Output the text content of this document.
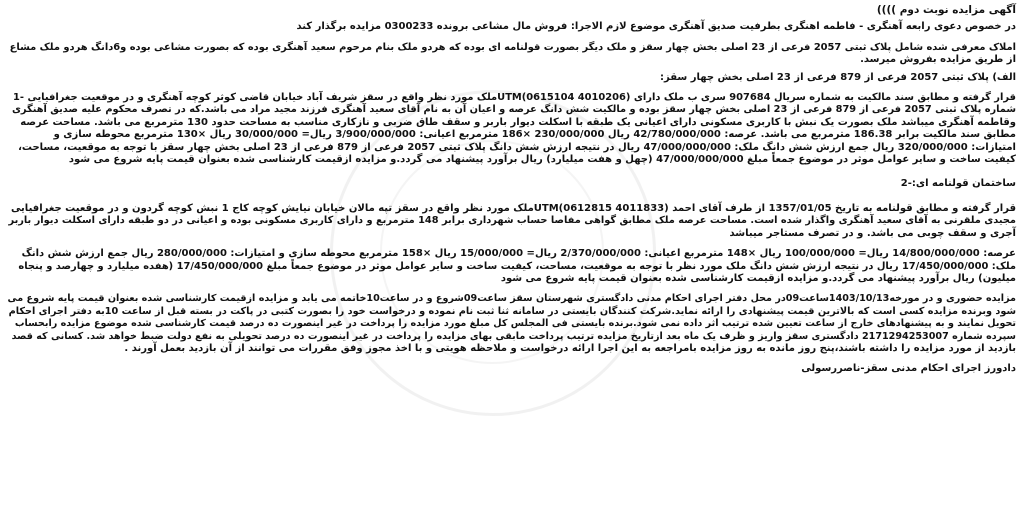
آگهی مزایده نوبت دوم ))))

در خصوص دعوی رابعه آهنگری - فاطمه اهنگری بطرفیت صدیق آهنگری موضوع لازم الاجرا: فروش مال مشاعی برونده 0300233 مزایده برگذار کند

املاک معرفی شده شامل پلاک ثبتی 2057 فرعی از 23 اصلی بخش چهار سقز و ملک دیگر بصورت قولنامه ای بوده که هردو ملک بنام مرحوم سعید آهنگری بوده که بصورت مشاعی بوده و6دانگ هردو ملک مشاع

از طریق مزایده بفروش میرسد.

الف) پلاک ثبتی 2057 فرعی از 879 فرعی از 23 اصلی بخش چهار سقز:

قرار گرفته و مطابق سند مالکیت به شماره سریال 907684 سری ب ملک دارای UTM(0615104 4010206)ملک مورد نظر واقع در سقز شریف آباد خیابان قاضی کوثر کوچه آهنگری و در موقعیت جغرافیایی -1

شماره پلاک ثبتی 2057 فرعی از 879 فرعی از 23 اصلی بخش چهار سقز بوده و مالکیت شش دانگ عرصه و اعیان آن به نام آقای سعید آهنگری فرزند مجید مراد می باشد.که در تصرف محکوم علیه صدیق آهنگری

وقاطمه آهنگری میباشد ملک بصورت یک نبش با کاربری مسکونی دارای اعیانی یک طبقه با اسکلت دیوار باربر و سقف طاق ضربی و نازکاری مناسب به مساحت حدود 130 مترمربع می باشد. مساحت عرصه

مطابق سند مالکیت برابر 186.38 مترمربع می باشد. عرصه: 42/780/000/000 ریال 230/000/000 ×186 مترمربع اعیانی: 3/900/000/000 ریال= 30/000/000 ریال ×130 مترمربع محوطه سازی و

امتیازات: 320/000/000 ریال جمع ارزش شش دانگ ملک: 47/000/000/000 ریال در نتیجه ارزش شش دانگ پلاک ثبتی 2057 فرعی از 879 فرعی از 23 اصلی بخش چهار سقز با توجه به موقعیت، مساحت،

کیفیت ساخت و سایر عوامل موثر در موضوع جمعاً مبلغ 47/000/000/000 (چهل و هفت میلیارد) ریال برآورد پیشنهاد می گردد.و مزایده ازقیمت کارشناسی شده بعنوان قیمت پایه شروع می شود

ساختمان قولنامه ای:-2

قرار گرفته و مطابق قولنامه به تاریخ 1357/01/05 از طرف آقای احمد UTM(0612815 4011833)ملک مورد نظر واقع در سقز تپه مالان خیابان نیایش کوچه کاج 1 نبش کوچه گردون و در موقعیت جغرافیایی

مجیدی ملقرنی به آقای سعید آهنگری واگذار شده است. مساحت عرصه ملک مطابق گواهی مفاصا حساب شهرداری برابر 148 مترمربع و دارای کاربری مسکونی بوده و اعیانی در دو طبقه دارای اسکلت دیوار باربر

آجری و سقف چوبی می باشد. و در تصرف مستاجر میباشد

عرصه: 14/800/000/000 ریال= 100/000/000 ریال ×148 مترمربع اعیانی: 2/370/000/000 ریال= 15/000/000 ریال ×158 مترمربع محوطه سازی و امتیازات: 280/000/000 ریال جمع ارزش شش دانگ

ملک: 17/450/000/000 ریال در نتیجه ارزش شش دانگ ملک مورد نظر با توجه به موقعیت، مساحت، کیفیت ساخت و سایر عوامل موثر در موضوع جمعاً مبلغ 17/450/000/000 (هفده میلیارد و چهارصد و پنجاه

میلیون) ریال برآورد پیشنهاد می گردد.و مزایده ازقیمت کارشناسی شده بعنوان قیمت پایه شروع می شود

مزایده حضوری و در مورخه1403/10/13ساعت09در محل دفتر اجرای احکام مدنی دادگستری شهرستان سقز ساعت09شروع و در ساعت10خاتمه می یابد و مزایده ازقیمت کارشناسی شده بعنوان قیمت پایه شروع می

شود وبرنده مزایده کسی است که بالاترین قیمت پیشنهادی را ارائه نماید.شرکت کنندگان بایستی در سامانه ثنا ثبت نام نموده و درخواست خود را بصورت کتبی در پاکت در بسته قبل از ساعت 10به دفتر اجرای احکام

تحویل نمایند و به پیشنهادهای خارج از ساعت تعیین شده ترتیب اثر داده نمی شود.برنده بایستی فی المجلس کل مبلغ مورد مزایده را پرداخت در غیر اینصورت ده درصد قیمت کارشناسی شده موضوع مزایده رابحساب

سپرده شماره 2171294253007 دادگستری سقز واریز و ظرف یک ماه بعد ازتاریخ مزایده ترتیب پرداخت مابقی بهای مزایده را پرداخت در غیر اینصورت ده درصد تحویلی به نفع دولت ضبط خواهد شد. کسانی که قصد

بازدید از مورد مزایده را داشته باشند،پنج روز مانده به روز مزایده بامراجعه به این اجرا ارائه درخواست و ملاحظه هویتی و با اخذ مجوز وفق مقررات می توانند از آن بازدید بعمل آورند .

دادورز اجرای احکام مدنی سقز-ناصررسولی
